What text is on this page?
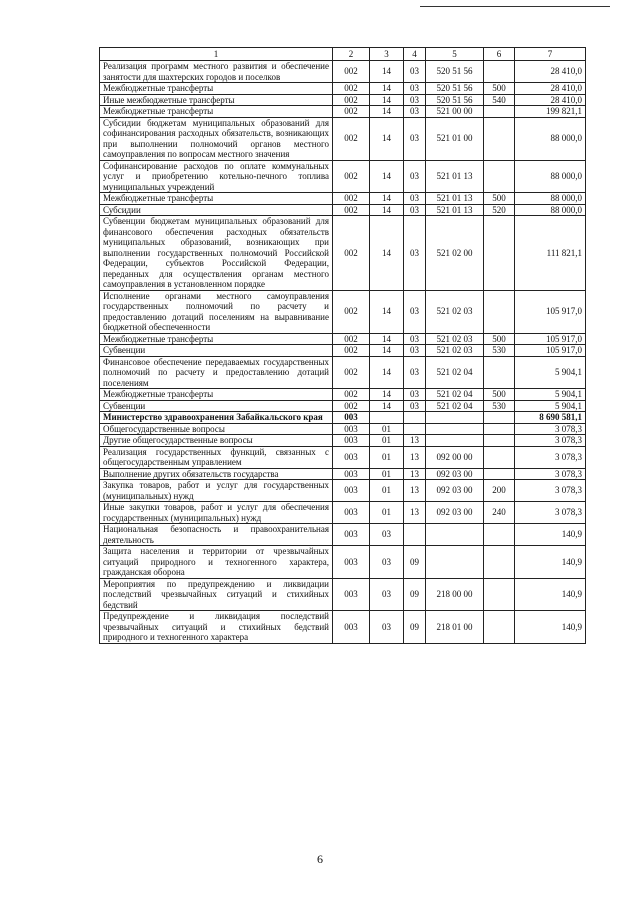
1	2	3	4	5	6	7
Реализация программ местного развития и обеспечение занятости для шахтерских городов и поселков	002	14	03	520 51 56		28 410,0
Межбюджетные трансферты	002	14	03	520 51 56	500	28 410,0
Иные межбюджетные трансферты	002	14	03	520 51 56	540	28 410,0
Межбюджетные трансферты	002	14	03	521 00 00		199 821,1
Субсидии бюджетам муниципальных образований для софинансирования расходных обязательств, возникающих при выполнении полномочий органов местного самоуправления по вопросам местного значения	002	14	03	521 01 00		88 000,0
Софинансирование расходов по оплате коммунальных услуг и приобретению котельно-печного топлива муниципальных учреждений	002	14	03	521 01 13		88 000,0
Межбюджетные трансферты	002	14	03	521 01 13	500	88 000,0
Субсидии	002	14	03	521 01 13	520	88 000,0
Субвенции бюджетам муниципальных образований для финансового обеспечения расходных обязательств муниципальных образований, возникающих при выполнении государственных полномочий Российской Федерации, субъектов Российской Федерации, переданных для осуществления органам местного самоуправления в установленном порядке	002	14	03	521 02 00		111 821,1
Исполнение органами местного самоуправления государственных полномочий по расчету и предоставлению дотаций поселениям на выравнивание бюджетной обеспеченности	002	14	03	521 02 03		105 917,0
Межбюджетные трансферты	002	14	03	521 02 03	500	105 917,0
Субвенции	002	14	03	521 02 03	530	105 917,0
Финансовое обеспечение передаваемых государственных полномочий по расчету и предоставлению дотаций поселениям	002	14	03	521 02 04		5 904,1
Межбюджетные трансферты	002	14	03	521 02 04	500	5 904,1
Субвенции	002	14	03	521 02 04	530	5 904,1
Министерство здравоохранения Забайкальского края	003					8 690 581,1
Общегосударственные вопросы	003	01				3 078,3
Другие общегосударственные вопросы	003	01	13			3 078,3
Реализация государственных функций, связанных с общегосударственным управлением	003	01	13	092 00 00		3 078,3
Выполнение других обязательств государства	003	01	13	092 03 00		3 078,3
Закупка товаров, работ и услуг для государственных (муниципальных) нужд	003	01	13	092 03 00	200	3 078,3
Иные закупки товаров, работ и услуг для обеспечения государственных (муниципальных) нужд	003	01	13	092 03 00	240	3 078,3
Национальная безопасность и правоохранительная деятельность	003	03				140,9
Защита населения и территории от чрезвычайных ситуаций природного и техногенного характера, гражданская оборона	003	03	09			140,9
Мероприятия по предупреждению и ликвидации последствий чрезвычайных ситуаций и стихийных бедствий	003	03	09	218 00 00		140,9
Предупреждение и ликвидация последствий чрезвычайных ситуаций и стихийных бедствий природного и техногенного характера	003	03	09	218 01 00		140,9
6
